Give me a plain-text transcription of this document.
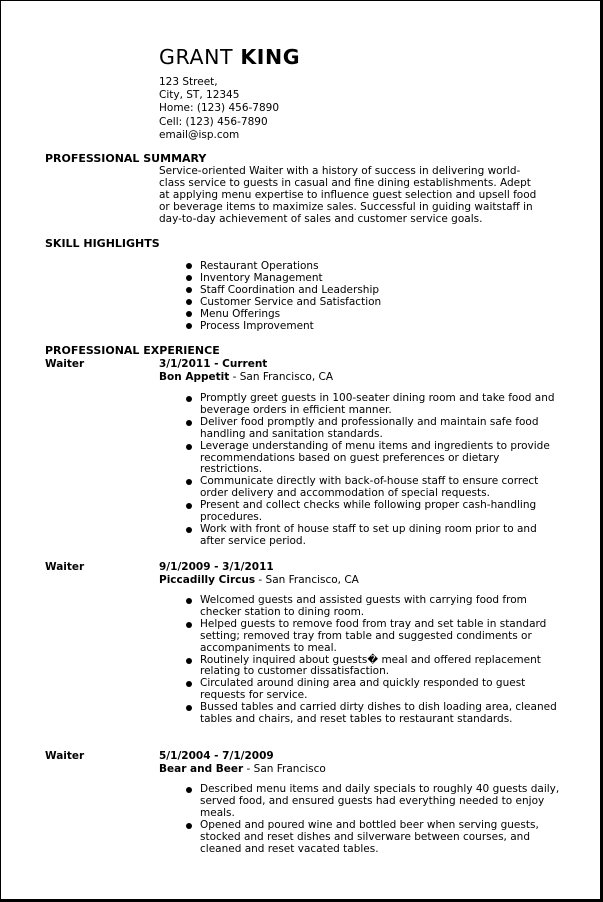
GRANT KING
123 Street,
City, ST, 12345
Home: (123) 456-7890
Cell: (123) 456-7890
email@isp.com
PROFESSIONAL SUMMARY
Service-oriented Waiter with a history of success in delivering world-class service to guests in casual and fine dining establishments. Adept at applying menu expertise to influence guest selection and upsell food or beverage items to maximize sales. Successful in guiding waitstaff in day-to-day achievement of sales and customer service goals.
SKILL HIGHLIGHTS
Restaurant Operations
Inventory Management
Staff Coordination and Leadership
Customer Service and Satisfaction
Menu Offerings
Process Improvement
PROFESSIONAL EXPERIENCE
Waiter	3/1/2011 - Current
Bon Appetit - San Francisco, CA
Promptly greet guests in 100-seater dining room and take food and beverage orders in efficient manner.
Deliver food promptly and professionally and maintain safe food handling and sanitation standards.
Leverage understanding of menu items and ingredients to provide recommendations based on guest preferences or dietary restrictions.
Communicate directly with back-of-house staff to ensure correct order delivery and accommodation of special requests.
Present and collect checks while following proper cash-handling procedures.
Work with front of house staff to set up dining room prior to and after service period.
Waiter	9/1/2009 - 3/1/2011
Piccadilly Circus - San Francisco, CA
Welcomed guests and assisted guests with carrying food from checker station to dining room.
Helped guests to remove food from tray and set table in standard setting; removed tray from table and suggested condiments or accompaniments to meal.
Routinely inquired about guests� meal and offered replacement relating to customer dissatisfaction.
Circulated around dining area and quickly responded to guest requests for service.
Bussed tables and carried dirty dishes to dish loading area, cleaned tables and chairs, and reset tables to restaurant standards.
Waiter	5/1/2004 - 7/1/2009
Bear and Beer - San Francisco
Described menu items and daily specials to roughly 40 guests daily, served food, and ensured guests had everything needed to enjoy meals.
Opened and poured wine and bottled beer when serving guests, stocked and reset dishes and silverware between courses, and cleaned and reset vacated tables.
